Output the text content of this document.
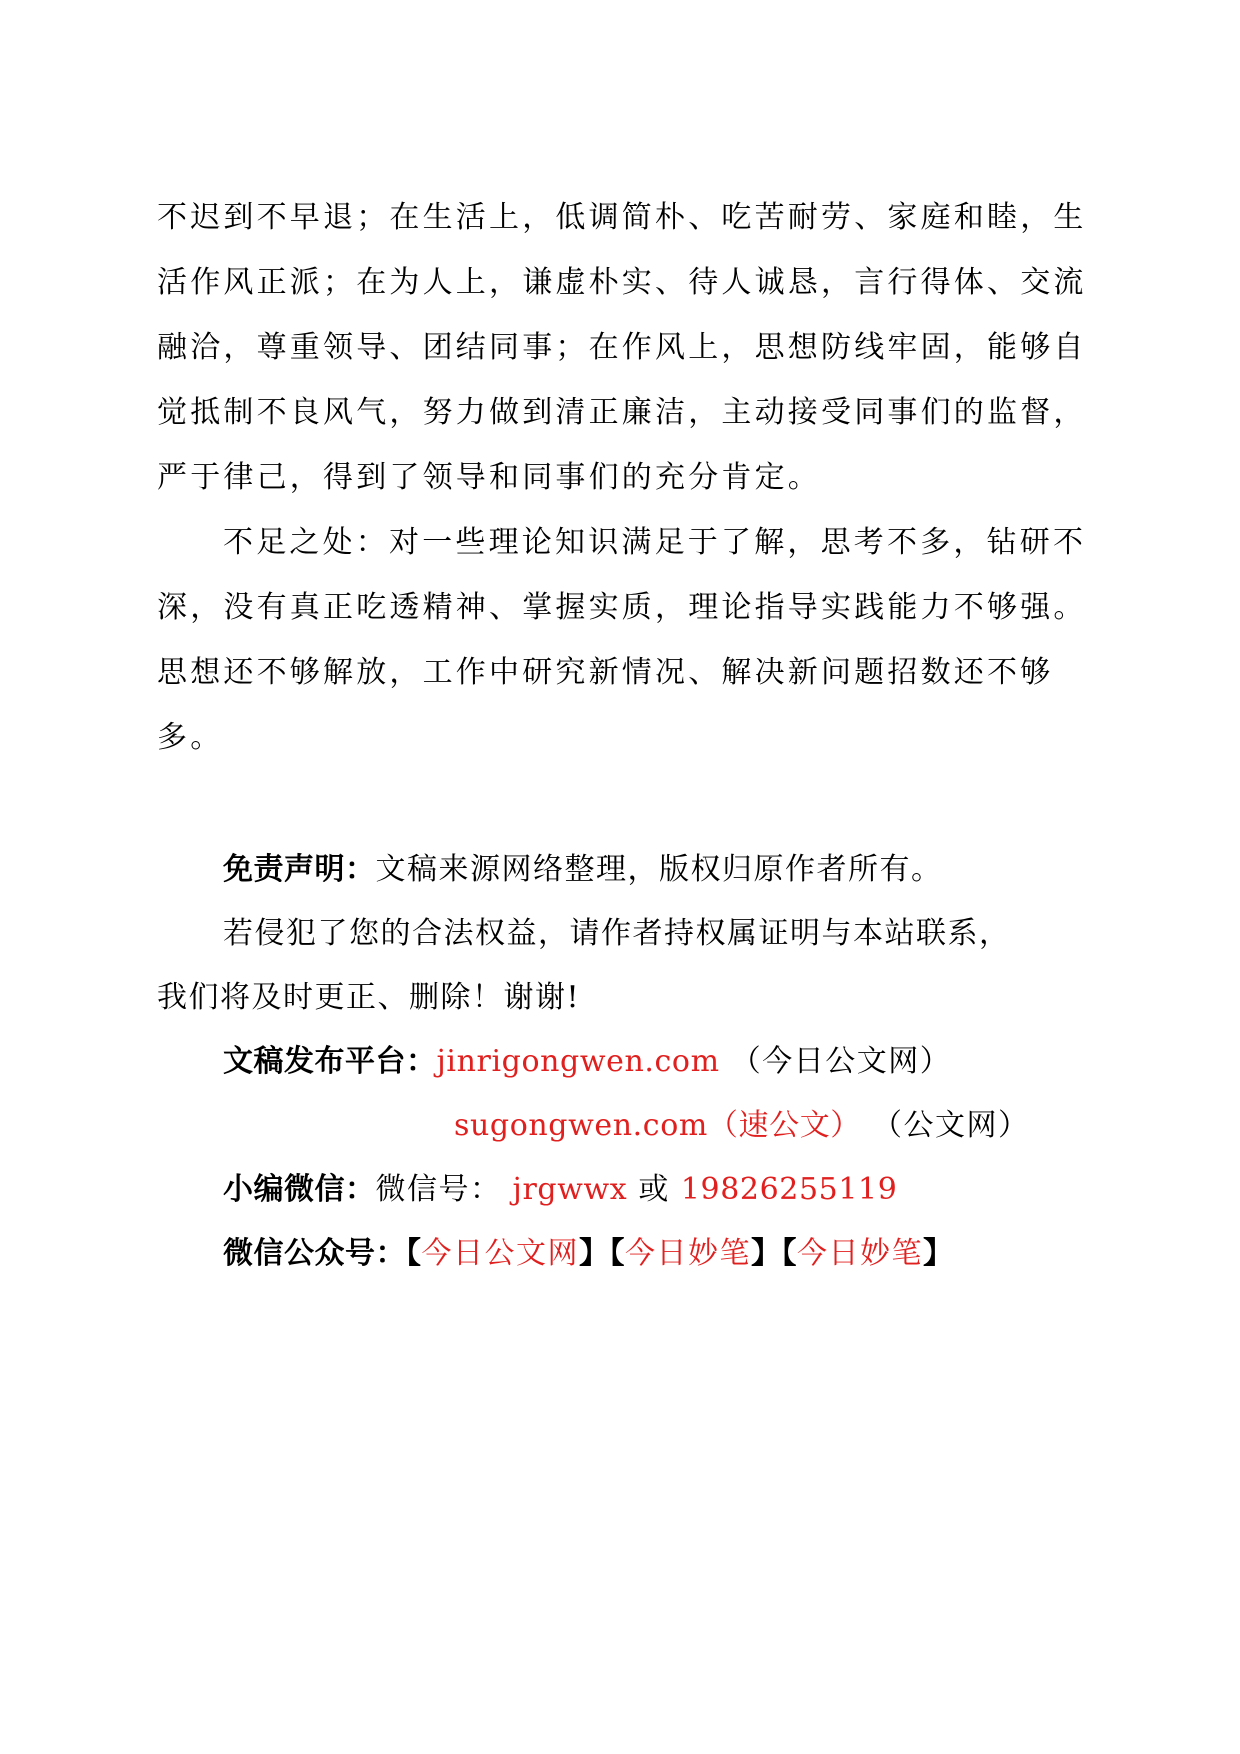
不迟到不早退；在生活上，低调简朴、吃苦耐劳、家庭和睦，生活作风正派；在为人上，谦虚朴实、待人诚恳，言行得体、交流融洽，尊重领导、团结同事；在作风上，思想防线牢固，能够自觉抵制不良风气，努力做到清正廉洁，主动接受同事们的监督，严于律己，得到了领导和同事们的充分肯定。

不足之处：对一些理论知识满足于了解，思考不多，钻研不深，没有真正吃透精神、掌握实质，理论指导实践能力不够强。思想还不够解放，工作中研究新情况、解决新问题招数还不够多。

免责声明：文稿来源网络整理，版权归原作者所有。

若侵犯了您的合法权益，请作者持权属证明与本站联系，

我们将及时更正、删除！谢谢!

文稿发布平台：jinrigongwen.com （今日公文网）

sugongwen.com（速公文） （公文网）

小编微信：微信号： jrgwwx 或 19826255119

微信公众号：【今日公文网】【今日妙笔】【今日妙笔】
